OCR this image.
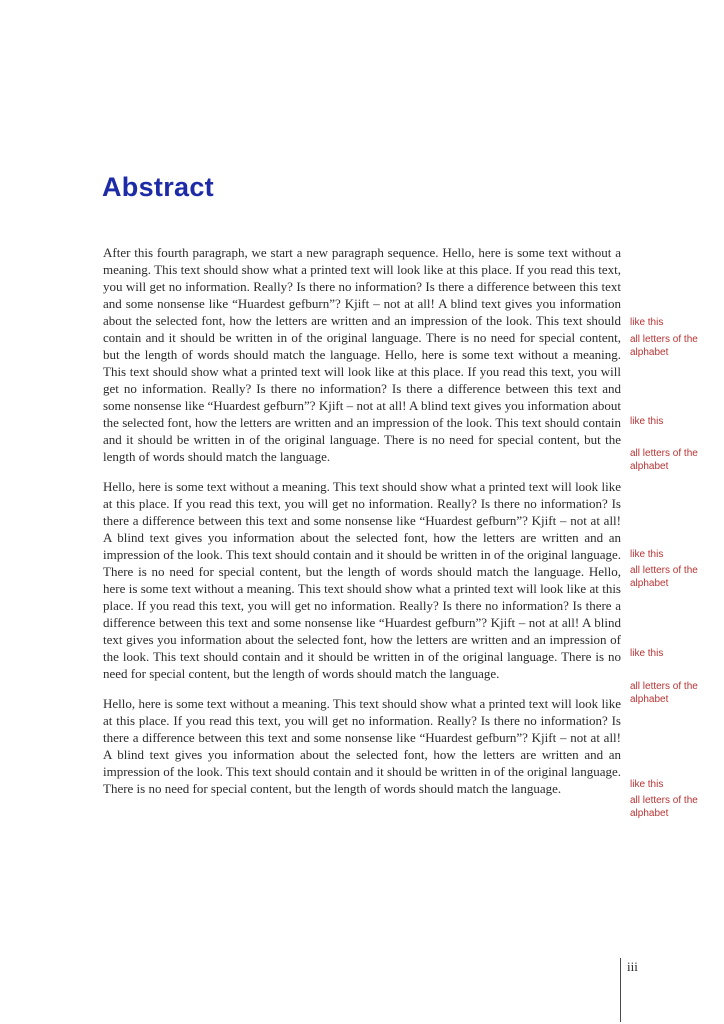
Abstract

After this fourth paragraph, we start a new paragraph sequence. Hello, here is some text without a meaning. This text should show what a printed text will look like at this place. If you read this text, you will get no information. Really? Is there no information? Is there a difference between this text and some nonsense like “Huardest gefburn”? Kjift – not at all! A blind text gives you information about the selected font, how the letters are written and an impression of the look. This text should contain and it should be written in of the original language. There is no need for special content, but the length of words should match the language. Hello, here is some text without a meaning. This text should show what a printed text will look like at this place. If you read this text, you will get no information. Really? Is there no information? Is there a difference between this text and some nonsense like “Huardest gefburn”? Kjift – not at all! A blind text gives you information about the selected font, how the letters are written and an impression of the look. This text should contain and it should be written in of the original language. There is no need for special content, but the length of words should match the language.

Hello, here is some text without a meaning. This text should show what a printed text will look like at this place. If you read this text, you will get no information. Really? Is there no information? Is there a difference between this text and some nonsense like “Huardest gefburn”? Kjift – not at all! A blind text gives you information about the selected font, how the letters are written and an impression of the look. This text should contain and it should be written in of the original language. There is no need for special content, but the length of words should match the language. Hello, here is some text without a meaning. This text should show what a printed text will look like at this place. If you read this text, you will get no information. Really? Is there no information? Is there a difference between this text and some nonsense like “Huardest gefburn”? Kjift – not at all! A blind text gives you information about the selected font, how the letters are written and an impression of the look. This text should contain and it should be written in of the original language. There is no need for special content, but the length of words should match the language.

Hello, here is some text without a meaning. This text should show what a printed text will look like at this place. If you read this text, you will get no information. Really? Is there no information? Is there a difference between this text and some nonsense like “Huardest gefburn”? Kjift – not at all! A blind text gives you information about the selected font, how the letters are written and an impression of the look. This text should contain and it should be written in of the original language. There is no need for special content, but the length of words should match the language.

like this
all letters of the alphabet
like this
all letters of the alphabet
like this
all letters of the alphabet
like this
all letters of the alphabet
like this
all letters of the alphabet
iii
